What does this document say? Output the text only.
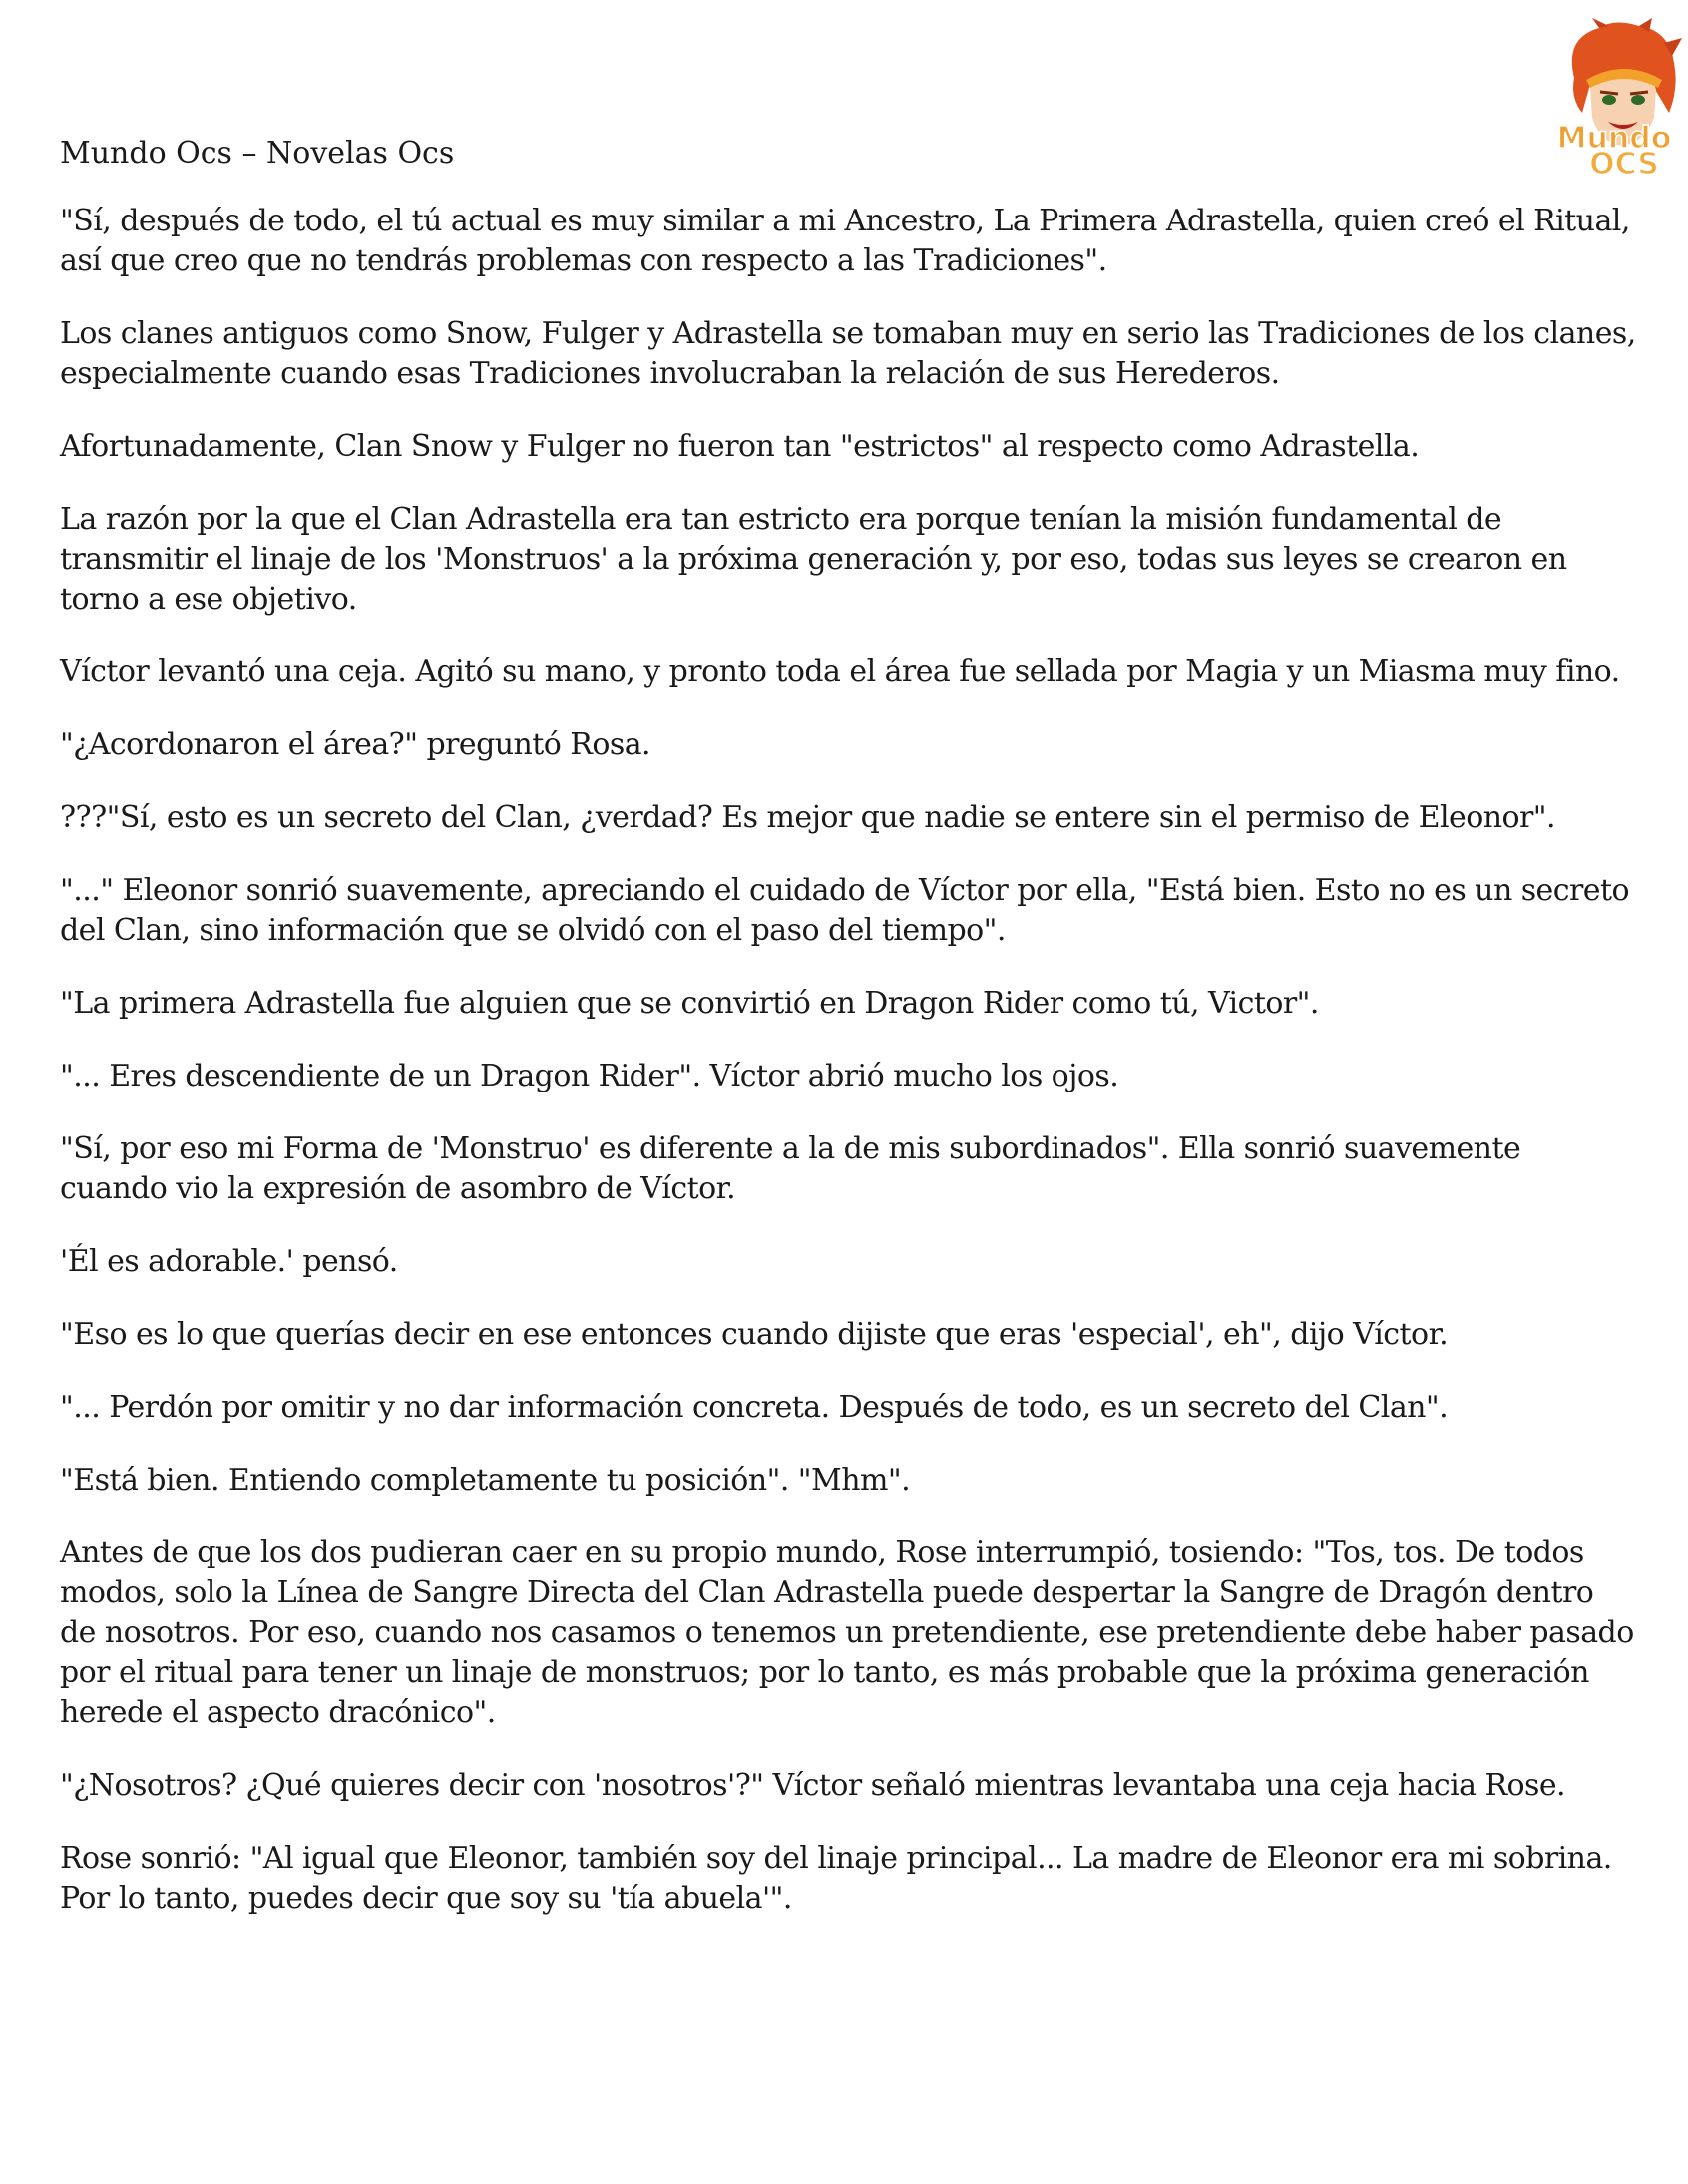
Mundo Ocs – Novelas Ocs	Mundo
OCS

"Sí, después de todo, el tú actual es muy similar a mi Ancestro, La Primera Adrastella, quien creó el Ritual, así que creo que no tendrás problemas con respecto a las Tradiciones".

Los clanes antiguos como Snow, Fulger y Adrastella se tomaban muy en serio las Tradiciones de los clanes, especialmente cuando esas Tradiciones involucraban la relación de sus Herederos.

Afortunadamente, Clan Snow y Fulger no fueron tan "estrictos" al respecto como Adrastella.

La razón por la que el Clan Adrastella era tan estricto era porque tenían la misión fundamental de transmitir el linaje de los 'Monstruos' a la próxima generación y, por eso, todas sus leyes se crearon en torno a ese objetivo.

Víctor levantó una ceja. Agitó su mano, y pronto toda el área fue sellada por Magia y un Miasma muy fino.

"¿Acordonaron el área?" preguntó Rosa.

???"Sí, esto es un secreto del Clan, ¿verdad? Es mejor que nadie se entere sin el permiso de Eleonor".

"..." Eleonor sonrió suavemente, apreciando el cuidado de Víctor por ella, "Está bien. Esto no es un secreto del Clan, sino información que se olvidó con el paso del tiempo".

"La primera Adrastella fue alguien que se convirtió en Dragon Rider como tú, Victor".

"... Eres descendiente de un Dragon Rider". Víctor abrió mucho los ojos.

"Sí, por eso mi Forma de 'Monstruo' es diferente a la de mis subordinados". Ella sonrió suavemente cuando vio la expresión de asombro de Víctor.

'Él es adorable.' pensó.

"Eso es lo que querías decir en ese entonces cuando dijiste que eras 'especial', eh", dijo Víctor.

"... Perdón por omitir y no dar información concreta. Después de todo, es un secreto del Clan".

"Está bien. Entiendo completamente tu posición". "Mhm".

Antes de que los dos pudieran caer en su propio mundo, Rose interrumpió, tosiendo: "Tos, tos. De todos modos, solo la Línea de Sangre Directa del Clan Adrastella puede despertar la Sangre de Dragón dentro de nosotros. Por eso, cuando nos casamos o tenemos un pretendiente, ese pretendiente debe haber pasado por el ritual para tener un linaje de monstruos; por lo tanto, es más probable que la próxima generación herede el aspecto dracónico".

"¿Nosotros? ¿Qué quieres decir con 'nosotros'?" Víctor señaló mientras levantaba una ceja hacia Rose.

Rose sonrió: "Al igual que Eleonor, también soy del linaje principal... La madre de Eleonor era mi sobrina. Por lo tanto, puedes decir que soy su 'tía abuela'".
